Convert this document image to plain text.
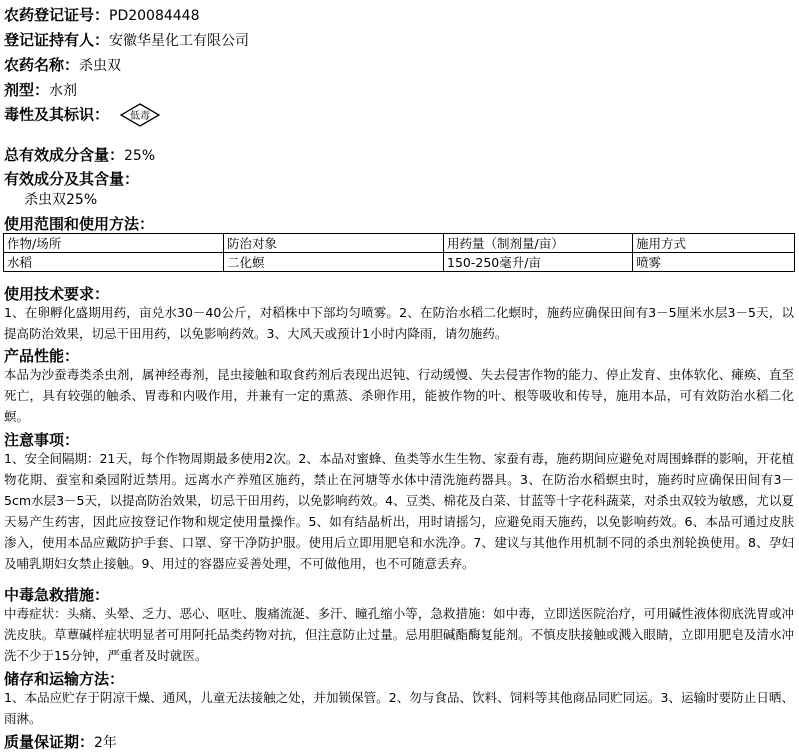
农药登记证号：PD20084448
登记证持有人：安徽华星化工有限公司
农药名称：杀虫双
剂型：水剂
毒性及其标识： 低毒
总有效成分含量：25%
有效成分及其含量：
杀虫双25%
使用范围和使用方法：
作物/场所	防治对象	用药量（制剂量/亩）	施用方式
水稻	二化螟	150-250毫升/亩	喷雾
使用技术要求：
1、在卵孵化盛期用药，亩兑水30－40公斤，对稻株中下部均匀喷雾。2、在防治水稻二化螟时，施药应确保田间有3－5厘米水层3－5天，以提高防治效果，切忌干田用药，以免影响药效。3、大风天或预计1小时内降雨，请勿施药。
产品性能：
本品为沙蚕毒类杀虫剂，属神经毒剂，昆虫接触和取食药剂后表现出迟钝、行动缓慢、失去侵害作物的能力、停止发育、虫体软化、瘫痪、直至死亡，具有较强的触杀、胃毒和内吸作用，并兼有一定的熏蒸、杀卵作用，能被作物的叶、根等吸收和传导，施用本品，可有效防治水稻二化螟。
注意事项：
1、安全间隔期：21天，每个作物周期最多使用2次。2、本品对蜜蜂、鱼类等水生生物、家蚕有毒，施药期间应避免对周围蜂群的影响，开花植物花期、蚕室和桑园附近禁用。远离水产养殖区施药，禁止在河塘等水体中清洗施药器具。3、在防治水稻螟虫时，施药时应确保田间有3－5cm水层3－5天，以提高防治效果，切忌干田用药，以免影响药效。4、豆类、棉花及白菜、甘蓝等十字花科蔬菜，对杀虫双较为敏感，尤以夏天易产生药害，因此应按登记作物和规定使用量操作。5、如有结晶析出，用时请摇匀，应避免雨天施药，以免影响药效。6、本品可通过皮肤渗入，使用本品应戴防护手套、口罩、穿干净防护服。使用后立即用肥皂和水洗净。7、建议与其他作用机制不同的杀虫剂轮换使用。8、孕妇及哺乳期妇女禁止接触。9、用过的容器应妥善处理，不可做他用，也不可随意丢弃。
中毒急救措施：
中毒症状：头痛、头晕、乏力、恶心、呕吐、腹痛流涎、多汗、瞳孔缩小等，急救措施：如中毒，立即送医院治疗，可用碱性液体彻底洗胃或冲洗皮肤。草蕈碱样症状明显者可用阿托品类药物对抗，但注意防止过量。忌用胆碱酯酶复能剂。不慎皮肤接触或溅入眼睛，立即用肥皂及清水冲洗不少于15分钟，严重者及时就医。
储存和运输方法：
1、本品应贮存于阴凉干燥、通风，儿童无法接触之处，并加锁保管。2、勿与食品、饮料、饲料等其他商品同贮同运。3、运输时要防止日晒、雨淋。
质量保证期：2年
